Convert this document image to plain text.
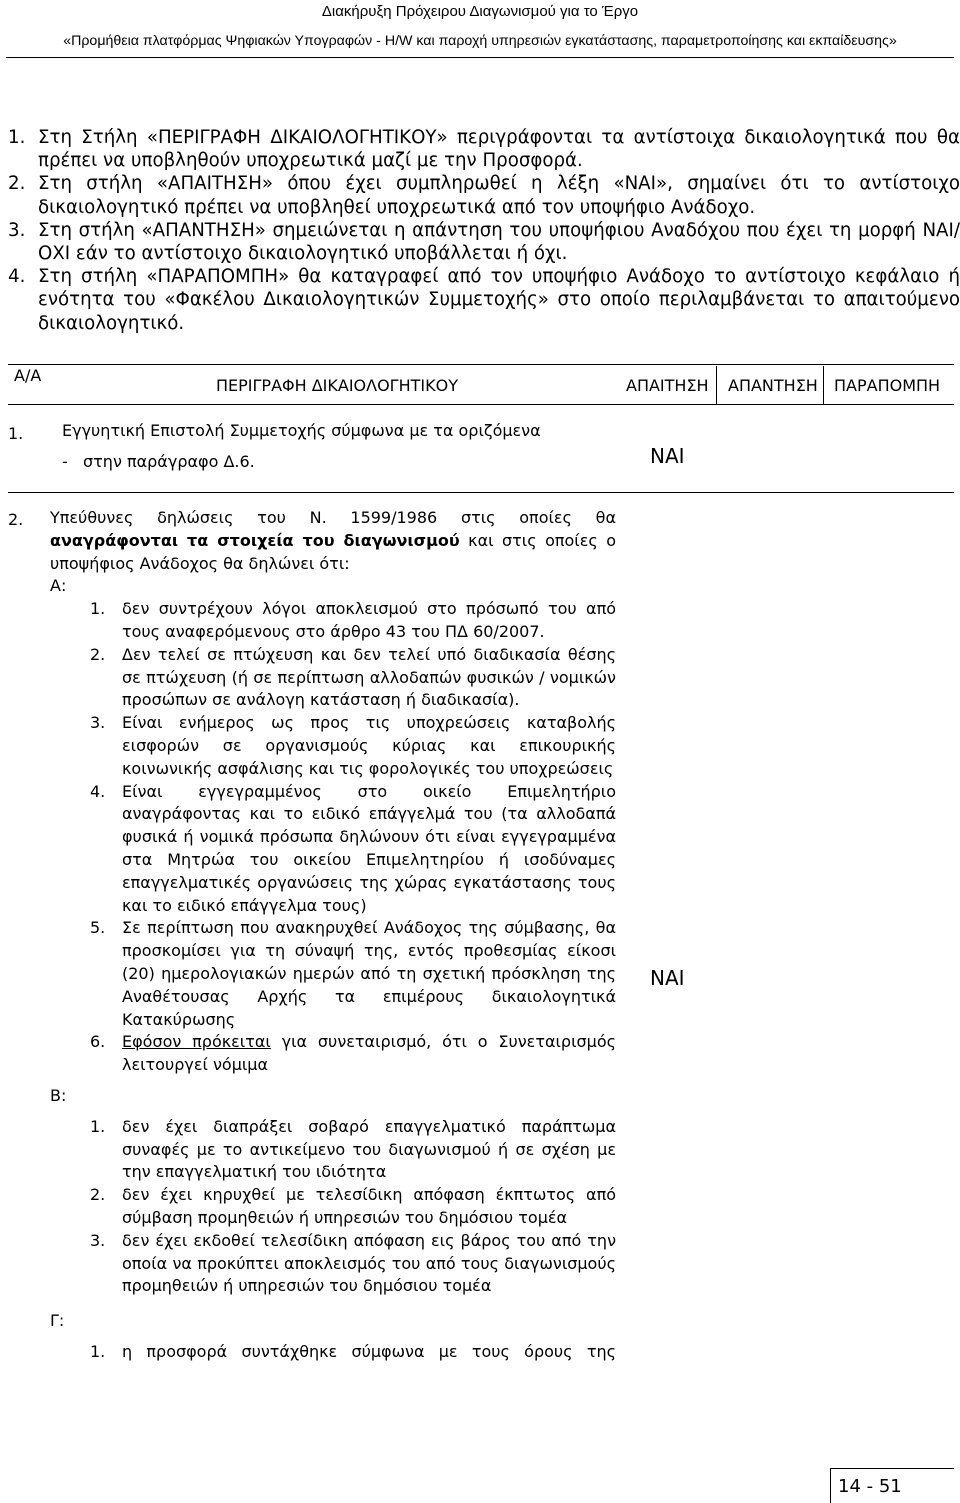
Διακήρυξη Πρόχειρου Διαγωνισμού για το Έργο
«Προμήθεια πλατφόρμας Ψηφιακών Υπογραφών - H/W και παροχή υπηρεσιών εγκατάστασης, παραμετροποίησης και εκπαίδευσης»
1. Στη Στήλη «ΠΕΡΙΓΡΑΦΗ ΔΙΚΑΙΟΛΟΓΗΤΙΚΟΥ» περιγράφονται τα αντίστοιχα δικαιολογητικά που θα πρέπει να υποβληθούν υποχρεωτικά μαζί με την Προσφορά.
2. Στη στήλη «ΑΠΑΙΤΗΣΗ» όπου έχει συμπληρωθεί η λέξη «ΝΑΙ», σημαίνει ότι το αντίστοιχο δικαιολογητικό πρέπει να υποβληθεί υποχρεωτικά από τον υποψήφιο Ανάδοχο.
3. Στη στήλη «ΑΠΑΝΤΗΣΗ» σημειώνεται η απάντηση του υποψήφιου Αναδόχου που έχει τη μορφή ΝΑΙ/ΟΧΙ εάν το αντίστοιχο δικαιολογητικό υποβάλλεται ή όχι.
4. Στη στήλη «ΠΑΡΑΠΟΜΠΗ» θα καταγραφεί από τον υποψήφιο Ανάδοχο το αντίστοιχο κεφάλαιο ή ενότητα του «Φακέλου Δικαιολογητικών Συμμετοχής» στο οποίο περιλαμβάνεται το απαιτούμενο δικαιολογητικό.
Α/Α
ΠΕΡΙΓΡΑΦΗ ΔΙΚΑΙΟΛΟΓΗΤΙΚΟΥ	ΑΠΑΙΤΗΣΗ ΑΠΑΝΤΗΣΗ ΠΑΡΑΠΟΜΠΗ
1. Εγγυητική Επιστολή Συμμετοχής σύμφωνα με τα οριζόμενα
-   στην παράγραφο Δ.6.	ΝΑΙ
2. Υπεύθυνες δηλώσεις του Ν. 1599/1986 στις οποίες θα
αναγράφονται τα στοιχεία του διαγωνισμού και στις οποίες ο υποψήφιος Ανάδοχος θα δηλώνει ότι:
Α:
1. δεν συντρέχουν λόγοι αποκλεισμού στο πρόσωπό του από τους αναφερόμενους στο άρθρο 43 του ΠΔ 60/2007.
2. Δεν τελεί σε πτώχευση και δεν τελεί υπό διαδικασία θέσης σε πτώχευση (ή σε περίπτωση αλλοδαπών φυσικών / νομικών προσώπων σε ανάλογη κατάσταση ή διαδικασία).
3. Είναι ενήμερος ως προς τις υποχρεώσεις καταβολής εισφορών σε οργανισμούς κύριας και επικουρικής κοινωνικής ασφάλισης και τις φορολογικές του υποχρεώσεις
4. Είναι εγγεγραμμένος στο οικείο Επιμελητήριο αναγράφοντας και το ειδικό επάγγελμά του (τα αλλοδαπά φυσικά ή νομικά πρόσωπα δηλώνουν ότι είναι εγγεγραμμένα στα Μητρώα του οικείου Επιμελητηρίου ή ισοδύναμες επαγγελματικές οργανώσεις της χώρας εγκατάστασης τους και το ειδικό επάγγελμα τους)
5. Σε περίπτωση που ανακηρυχθεί Ανάδοχος της σύμβασης, θα προσκομίσει για τη σύναψή της, εντός προθεσμίας είκοσι (20) ημερολογιακών ημερών από τη σχετική πρόσκληση της Αναθέτουσας Αρχής τα επιμέρους δικαιολογητικά Κατακύρωσης
6. Εφόσον πρόκειται για συνεταιρισμό, ότι ο Συνεταιρισμός λειτουργεί νόμιμα
Β:
1. δεν έχει διαπράξει σοβαρό επαγγελματικό παράπτωμα συναφές με το αντικείμενο του διαγωνισμού ή σε σχέση με την επαγγελματική του ιδιότητα
2. δεν έχει κηρυχθεί με τελεσίδικη απόφαση έκπτωτος από σύμβαση προμηθειών ή υπηρεσιών του δημόσιου τομέα
3. δεν έχει εκδοθεί τελεσίδικη απόφαση εις βάρος του από την οποία να προκύπτει αποκλεισμός του από τους διαγωνισμούς προμηθειών ή υπηρεσιών του δημόσιου τομέα
Γ:
1. η προσφορά συντάχθηκε σύμφωνα με τους όρους της
ΝΑΙ
14 - 51
